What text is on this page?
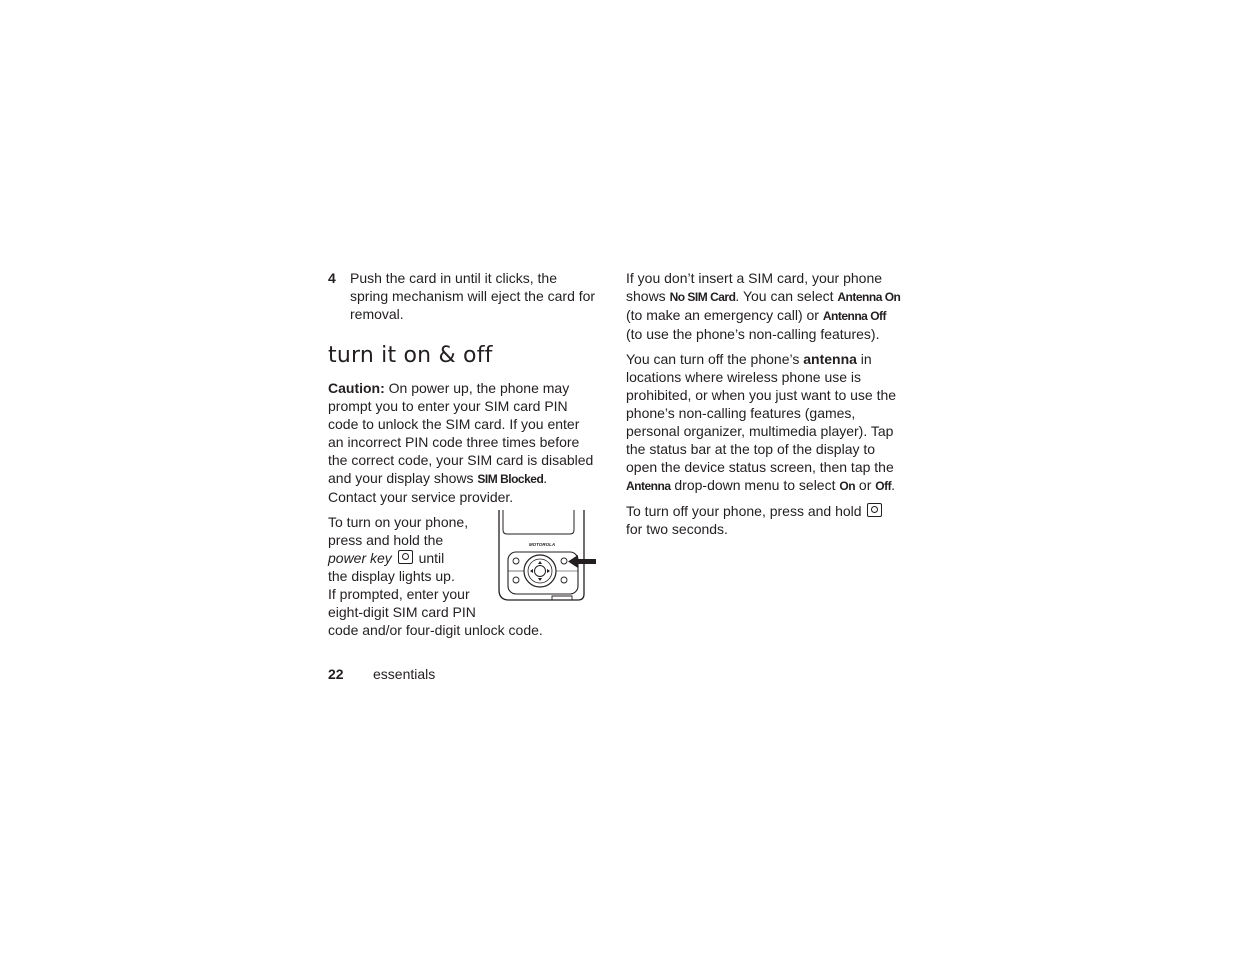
4 Push the card in until it clicks, the spring mechanism will eject the card for removal.

turn it on & off

Caution: On power up, the phone may prompt you to enter your SIM card PIN code to unlock the SIM card. If you enter an incorrect PIN code three times before the correct code, your SIM card is disabled and your display shows SIM Blocked. Contact your service provider.

To turn on your phone,
press and hold the
power key  until
the display lights up.
If prompted, enter your
eight-digit SIM card PIN
code and/or four-digit unlock code.
MOTOROLA

If you don’t insert a SIM card, your phone shows No SIM Card. You can select Antenna On (to make an emergency call) or Antenna Off (to use the phone’s non-calling features).

You can turn off the phone’s antenna in locations where wireless phone use is prohibited, or when you just want to use the phone’s non-calling features (games, personal organizer, multimedia player). Tap the status bar at the top of the display to open the device status screen, then tap the Antenna drop-down menu to select On or Off.

To turn off your phone, press and hold  for two seconds.

22 essentials
